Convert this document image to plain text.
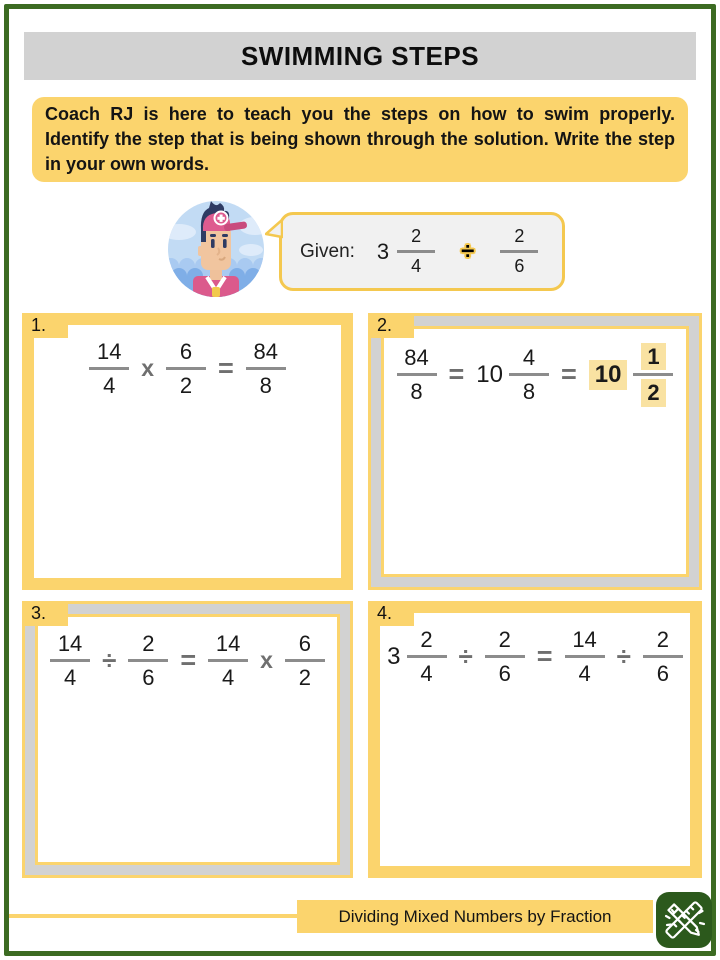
SWIMMING STEPS

Coach RJ is here to teach you the steps on how to swim properly. Identify the step that is being shown through the solution. Write the step in your own words.

Given: $3 \frac{2}{4} \div \frac{2}{6}$
1.
$\frac{14}{4}$ x $\frac{6}{2} = \frac{84}{8}$
2.
$\frac{84}{8} = 10 \frac{4}{8} = 10 \frac{1}{2}$
3.
$\frac{14}{4} \div \frac{2}{6} = \frac{14}{4}$ x $\frac{6}{2}$
4.
$3 \frac{2}{4} \div \frac{2}{6} = \frac{14}{4} \div \frac{2}{6}$
Dividing Mixed Numbers by Fraction
